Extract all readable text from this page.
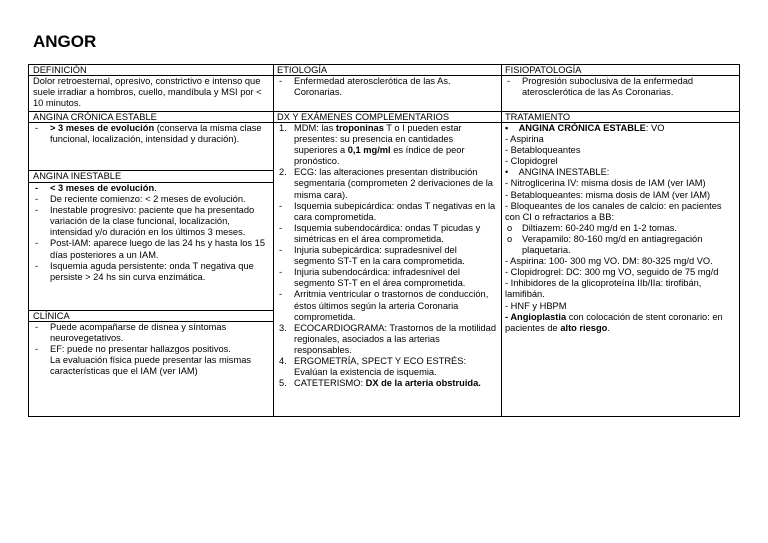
ANGOR
DEFINICIÓN
Dolor retroesternal, opresivo, constrictivo e intenso que suele irradiar a hombros, cuello, mandíbula y MSI por < 10 minutos.
ANGINA CRÓNICA ESTABLE
- > 3 meses de evolución (conserva la misma clase funcional, localización, intensidad y duración).
ANGINA INESTABLE
- < 3 meses de evolución.
- De reciente comienzo: < 2 meses de evolución.
- Inestable progresivo: paciente que ha presentado variación de la clase funcional, localización, intensidad y/o duración en los últimos 3 meses.
- Post-IAM: aparece luego de las 24 hs y hasta los 15 días posteriores a un IAM.
- Isquemia aguda persistente: onda T negativa que persiste > 24 hs sin curva enzimática.
CLÍNICA
- Puede acompañarse de disnea y síntomas neurovegetativos.
- EF: puede no presentar hallazgos positivos.
La evaluación física puede presentar las mismas características que el IAM (ver IAM)
ETIOLOGÍA
- Enfermedad aterosclerótica de las As. Coronarias.
DX Y EXÁMENES COMPLEMENTARIOS
1. MDM: las troponinas T o I pueden estar presentes: su presencia en cantidades superiores a 0,1 mg/ml es índice de peor pronóstico.
2. ECG: las alteraciones presentan distribución segmentaria (comprometen 2 derivaciones de la misma cara).
- Isquemia subepicárdica: ondas T negativas en la cara comprometida.
- Isquemia subendocárdica: ondas T picudas y simétricas en el área comprometida.
- Injuria subepicárdica: supradesnivel del segmento ST-T en la cara comprometida.
- Injuria subendocárdica: infradesnivel del segmento ST-T en el área comprometida.
- Arritmia ventricular o trastornos de conducción, éstos últimos según la arteria Coronaria comprometida.
3. ECOCARDIOGRAMA: Trastornos de la motilidad regionales, asociados a las arterias responsables.
4. ERGOMETRÍA, SPECT Y ECO ESTRÉS:
Evalúan la existencia de isquemia.
5. CATETERISMO: DX de la arteria obstruida.
FISIOPATOLOGÍA
- Progresión suboclusiva de la enfermedad aterosclerótica de las As Coronarias.
TRATAMIENTO
•    ANGINA CRÓNICA ESTABLE: VO
- Aspirina
- Betabloqueantes
- Clopidogrel
•    ANGINA INESTABLE:
- Nitroglicerina IV: misma dosis de IAM (ver IAM)
- Betabloqueantes: misma dosis de IAM (ver IAM)
- Bloqueantes de los canales de calcio: en pacientes con CI o refractarios a BB:
o Diltiazem: 60-240 mg/d en 1-2 tomas.
o Verapamilo: 80-160 mg/d en antiagregación plaquetaria.
- Aspirina: 100- 300 mg VO. DM: 80-325 mg/d VO.
- Clopidrogrel: DC: 300 mg VO, seguido de 75 mg/d
- Inhibidores de la glicoproteína IIb/IIa: tirofibán, lamifibán.
- HNF y HBPM
- Angioplastia con colocación de stent coronario: en pacientes de alto riesgo.
